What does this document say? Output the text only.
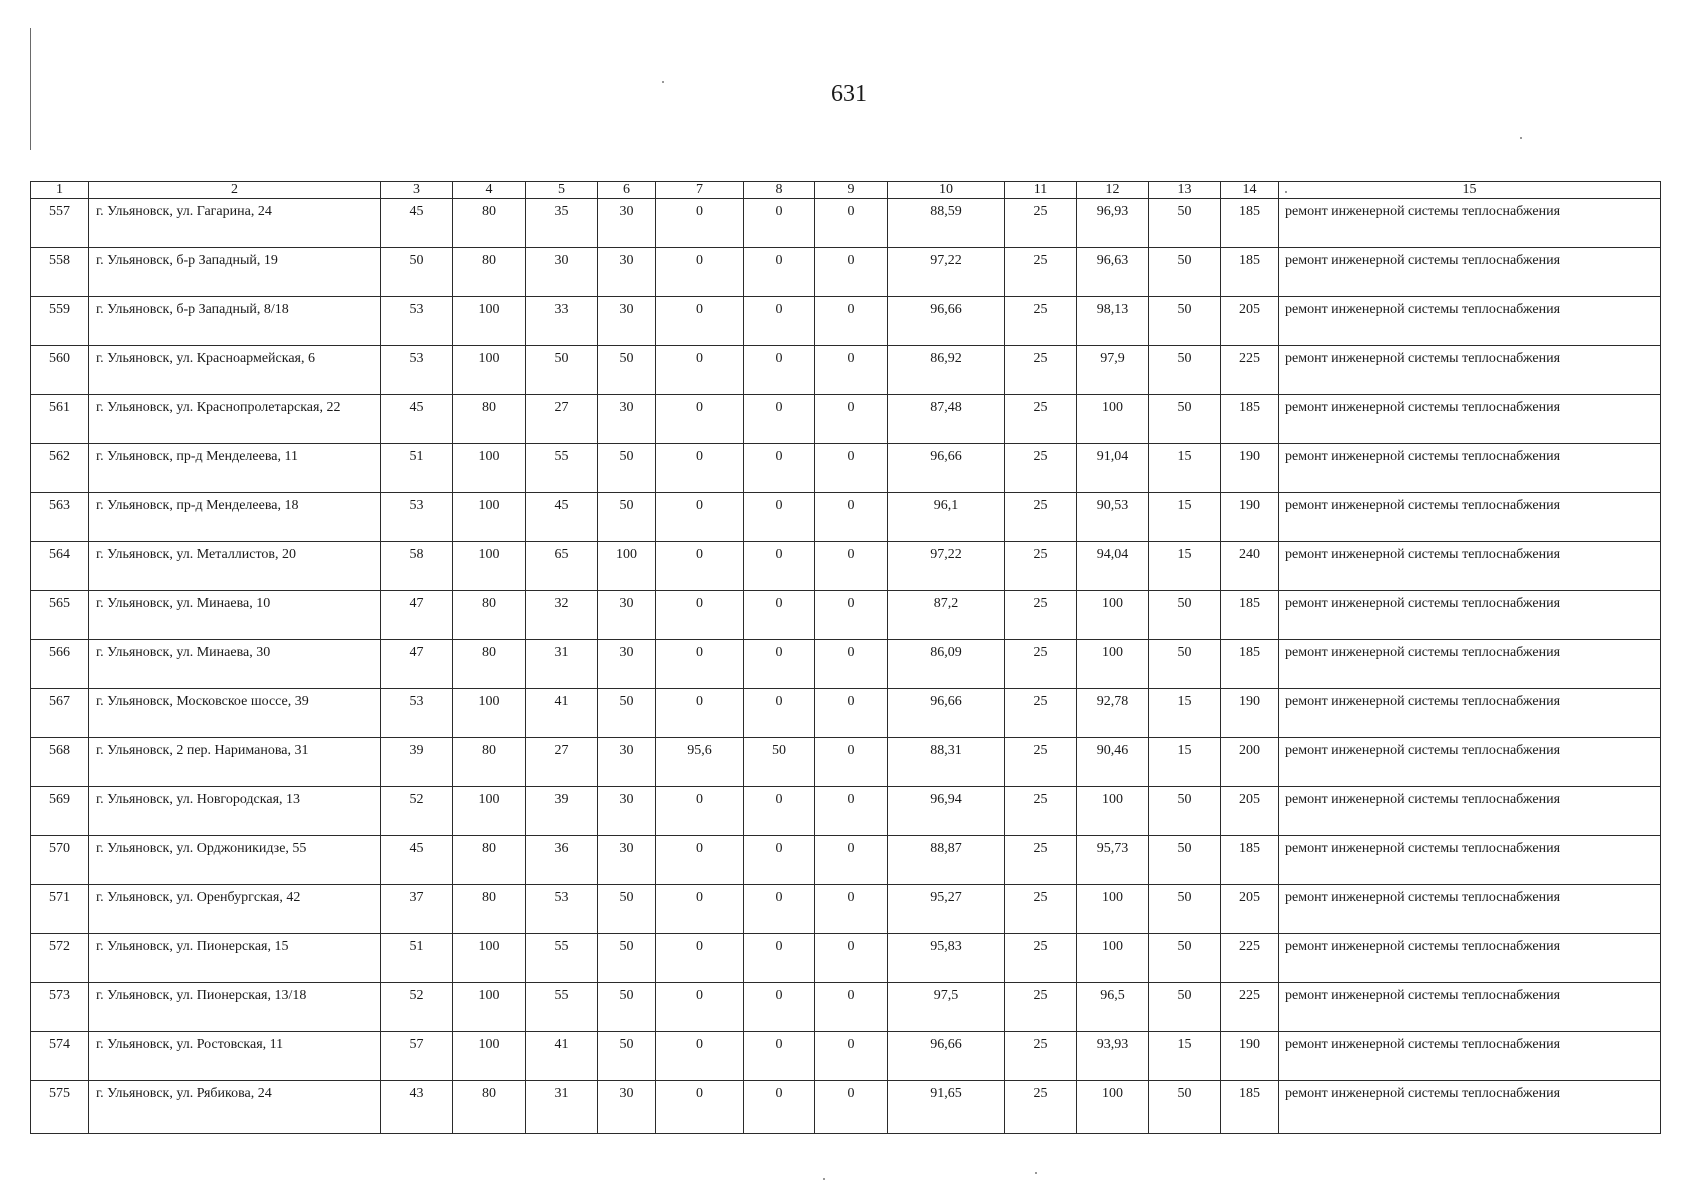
631
1	2	3	4	5	6	7	8	9	10	11	12	13	14	15
557	г. Ульяновск, ул. Гагарина, 24	45	80	35	30	0	0	0	88,59	25	96,93	50	185	ремонт инженерной системы теплоснабжения
558	г. Ульяновск, б-р Западный, 19	50	80	30	30	0	0	0	97,22	25	96,63	50	185	ремонт инженерной системы теплоснабжения
559	г. Ульяновск, б-р Западный, 8/18	53	100	33	30	0	0	0	96,66	25	98,13	50	205	ремонт инженерной системы теплоснабжения
560	г. Ульяновск, ул. Красноармейская, 6	53	100	50	50	0	0	0	86,92	25	97,9	50	225	ремонт инженерной системы теплоснабжения
561	г. Ульяновск, ул. Краснопролетарская, 22	45	80	27	30	0	0	0	87,48	25	100	50	185	ремонт инженерной системы теплоснабжения
562	г. Ульяновск, пр-д Менделеева, 11	51	100	55	50	0	0	0	96,66	25	91,04	15	190	ремонт инженерной системы теплоснабжения
563	г. Ульяновск, пр-д Менделеева, 18	53	100	45	50	0	0	0	96,1	25	90,53	15	190	ремонт инженерной системы теплоснабжения
564	г. Ульяновск, ул. Металлистов, 20	58	100	65	100	0	0	0	97,22	25	94,04	15	240	ремонт инженерной системы теплоснабжения
565	г. Ульяновск, ул. Минаева, 10	47	80	32	30	0	0	0	87,2	25	100	50	185	ремонт инженерной системы теплоснабжения
566	г. Ульяновск, ул. Минаева, 30	47	80	31	30	0	0	0	86,09	25	100	50	185	ремонт инженерной системы теплоснабжения
567	г. Ульяновск, Московское шоссе, 39	53	100	41	50	0	0	0	96,66	25	92,78	15	190	ремонт инженерной системы теплоснабжения
568	г. Ульяновск, 2 пер. Нариманова, 31	39	80	27	30	95,6	50	0	88,31	25	90,46	15	200	ремонт инженерной системы теплоснабжения
569	г. Ульяновск, ул. Новгородская, 13	52	100	39	30	0	0	0	96,94	25	100	50	205	ремонт инженерной системы теплоснабжения
570	г. Ульяновск, ул. Орджоникидзе, 55	45	80	36	30	0	0	0	88,87	25	95,73	50	185	ремонт инженерной системы теплоснабжения
571	г. Ульяновск, ул. Оренбургская, 42	37	80	53	50	0	0	0	95,27	25	100	50	205	ремонт инженерной системы теплоснабжения
572	г. Ульяновск, ул. Пионерская, 15	51	100	55	50	0	0	0	95,83	25	100	50	225	ремонт инженерной системы теплоснабжения
573	г. Ульяновск, ул. Пионерская, 13/18	52	100	55	50	0	0	0	97,5	25	96,5	50	225	ремонт инженерной системы теплоснабжения
574	г. Ульяновск, ул. Ростовская, 11	57	100	41	50	0	0	0	96,66	25	93,93	15	190	ремонт инженерной системы теплоснабжения
575	г. Ульяновск, ул. Рябикова, 24	43	80	31	30	0	0	0	91,65	25	100	50	185	ремонт инженерной системы теплоснабжения
